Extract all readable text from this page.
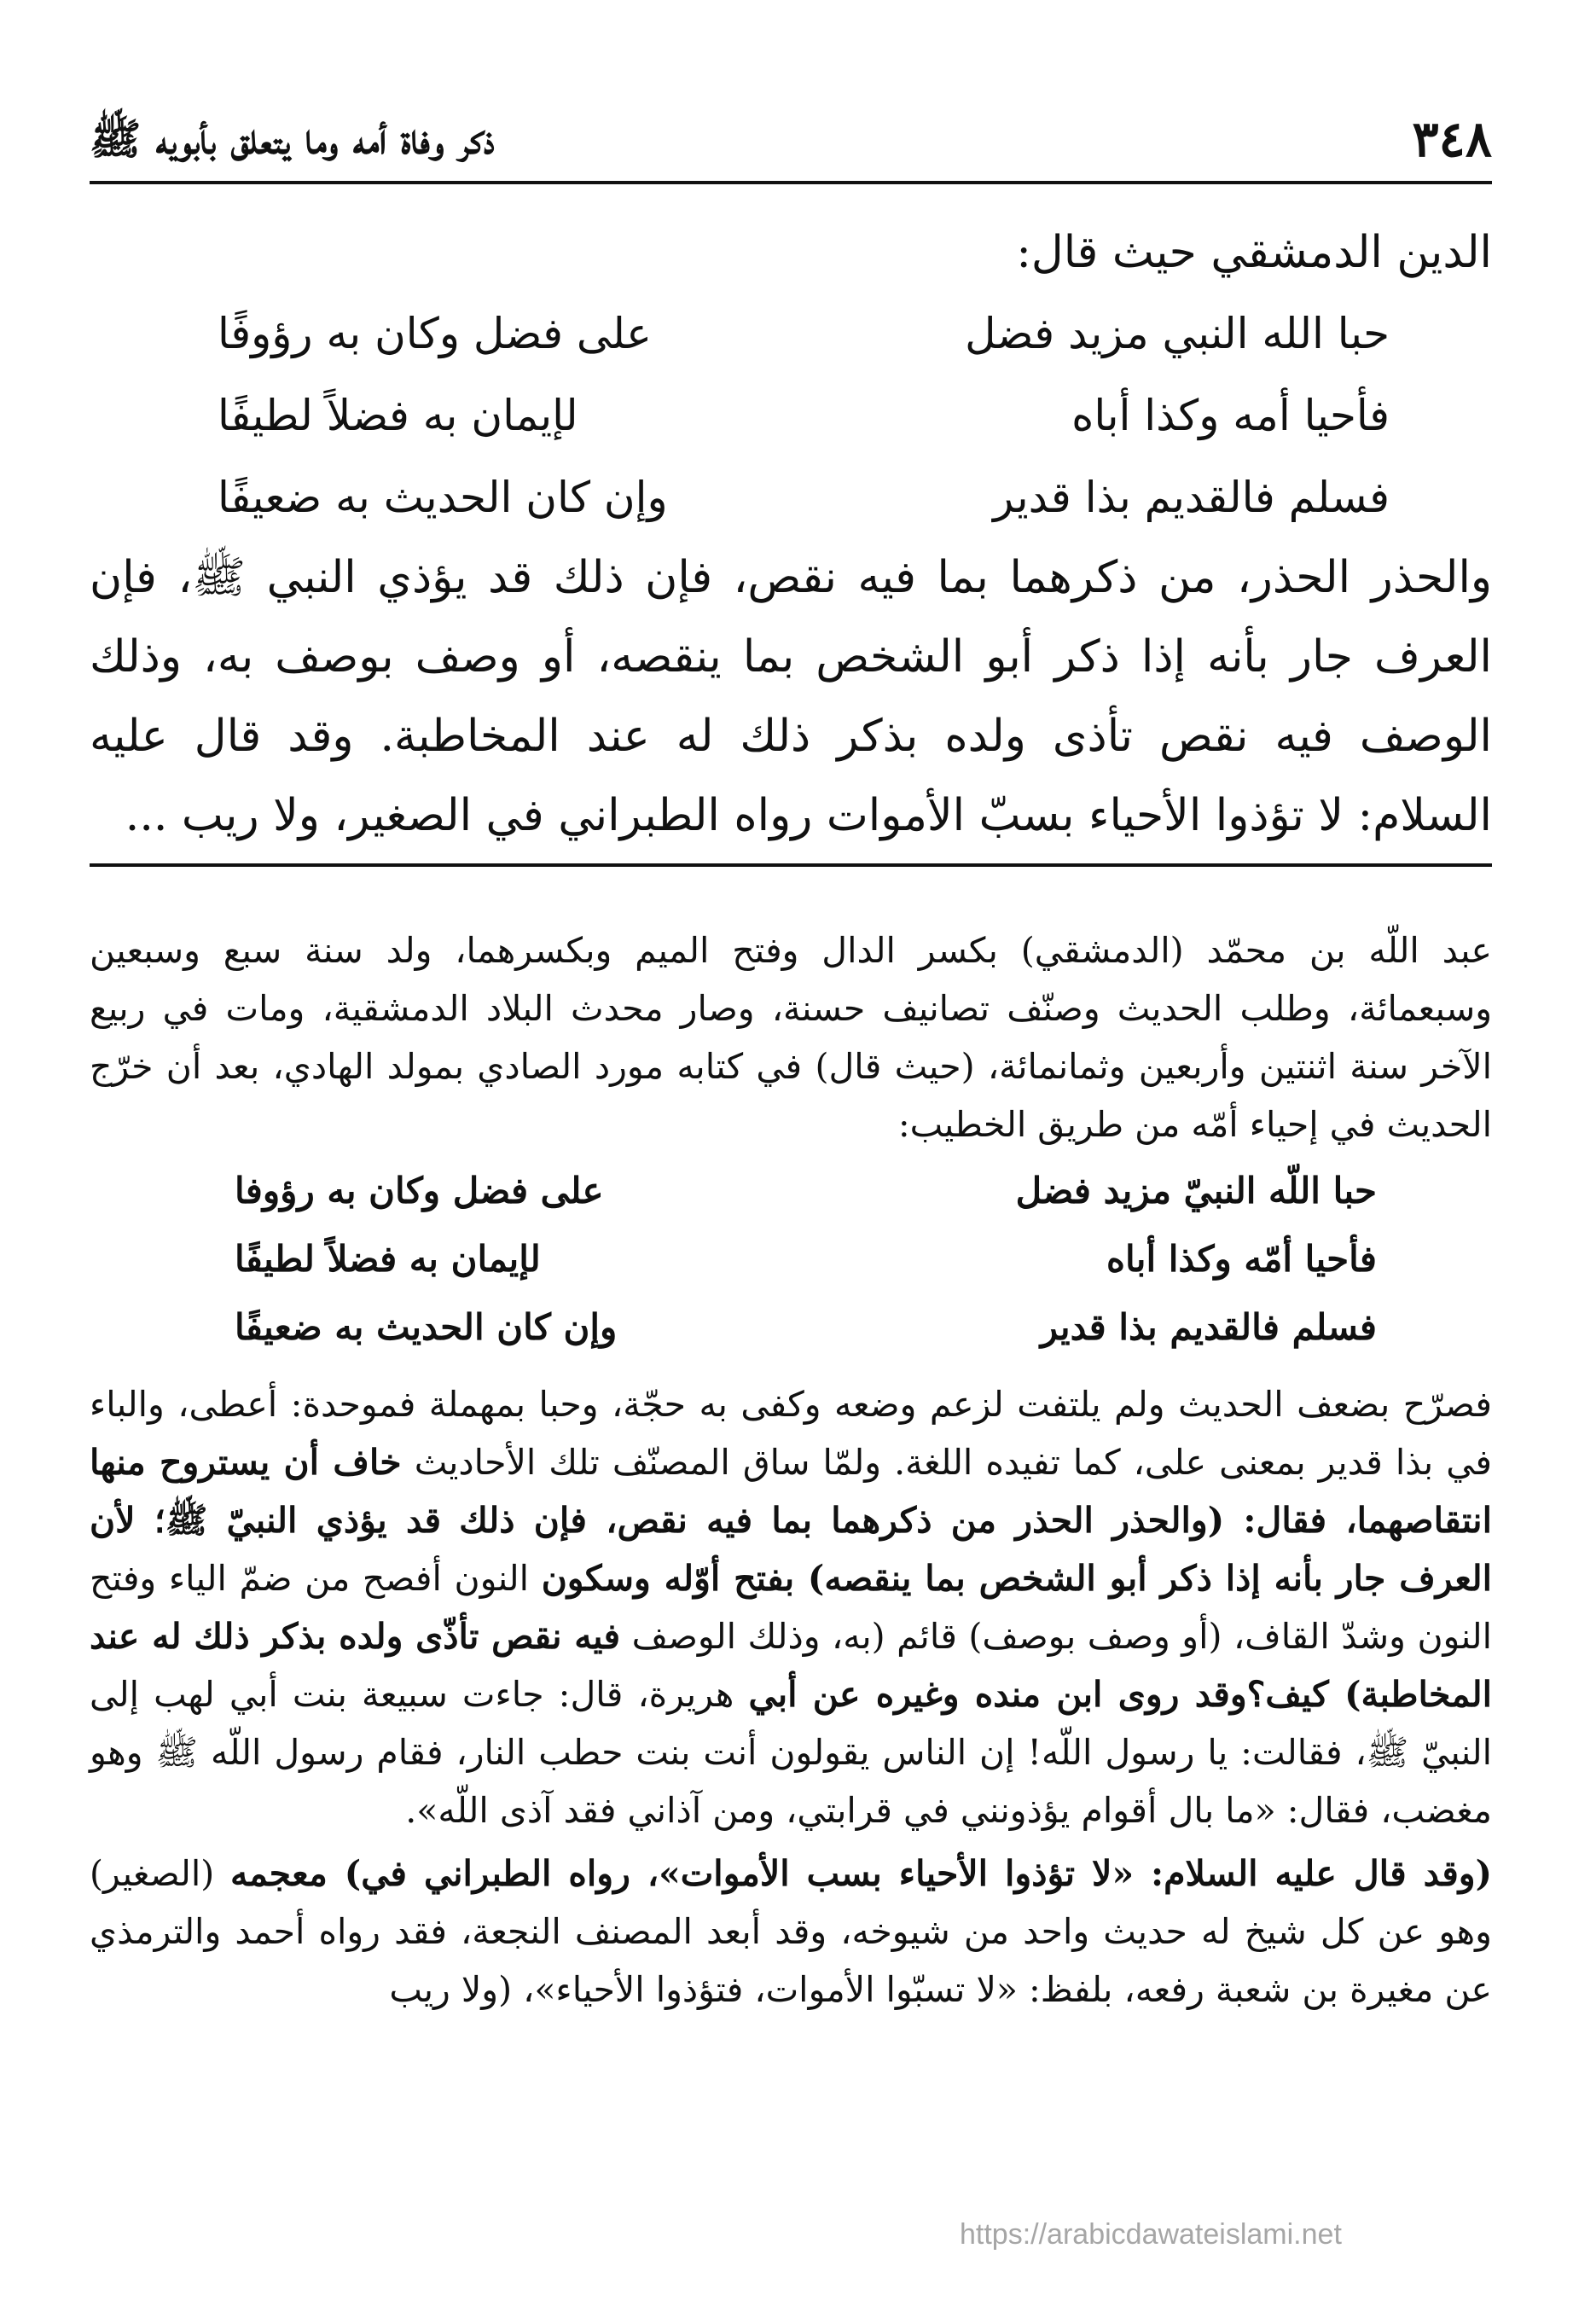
٣٤٨
ذكر وفاة أمه وما يتعلق بأبويه ﷺ

الدين الدمشقي حيث قال:

حبا الله النبي مزيد فضل
على فضل وكان به رؤوفًا
فأحيا أمه وكذا أباه
لإيمان به فضلاً لطيفًا
فسلم فالقديم بذا قدير
وإن كان الحديث به ضعيفًا

والحذر الحذر، من ذكرهما بما فيه نقص، فإن ذلك قد يؤذي النبي ﷺ، فإن العرف جار بأنه إذا ذكر أبو الشخص بما ينقصه، أو وصف بوصف به، وذلك الوصف فيه نقص تأذى ولده بذكر ذلك له عند المخاطبة. وقد قال عليه السلام: لا تؤذوا الأحياء بسبّ الأموات رواه الطبراني في الصغير، ولا ريب ...

عبد اللّه بن محمّد (الدمشقي) بكسر الدال وفتح الميم وبكسرهما، ولد سنة سبع وسبعين وسبعمائة، وطلب الحديث وصنّف تصانيف حسنة، وصار محدث البلاد الدمشقية، ومات في ربيع الآخر سنة اثنتين وأربعين وثمانمائة، (حيث قال) في كتابه مورد الصادي بمولد الهادي، بعد أن خرّج الحديث في إحياء أمّه من طريق الخطيب:

حبا اللّه النبيّ مزيد فضل
على فضل وكان به رؤوفا
فأحيا أمّه وكذا أباه
لإيمان به فضلاً لطيفًا
فسلم فالقديم بذا قدير
وإن كان الحديث به ضعيفًا

فصرّح بضعف الحديث ولم يلتفت لزعم وضعه وكفى به حجّة، وحبا بمهملة فموحدة: أعطى، والباء في بذا قدير بمعنى على، كما تفيده اللغة. ولمّا ساق المصنّف تلك الأحاديث خاف أن يستروح منها انتقاصهما، فقال: (والحذر الحذر من ذكرهما بما فيه نقص، فإن ذلك قد يؤذي النبيّ ﷺ؛ لأن العرف جار بأنه إذا ذكر أبو الشخص بما ينقصه) بفتح أوّله وسكون النون أفصح من ضمّ الياء وفتح النون وشدّ القاف، (أو وصف بوصف) قائم (به، وذلك الوصف فيه نقص تأذّى ولده بذكر ذلك له عند المخاطبة) كيف؟وقد روى ابن منده وغيره عن أبي هريرة، قال: جاءت سبيعة بنت أبي لهب إلى النبيّ ﷺ، فقالت: يا رسول اللّه! إن الناس يقولون أنت بنت حطب النار، فقام رسول اللّه ﷺ وهو مغضب، فقال: «ما بال أقوام يؤذونني في قرابتي، ومن آذاني فقد آذى اللّه».

(وقد قال عليه السلام: «لا تؤذوا الأحياء بسب الأموات»، رواه الطبراني في) معجمه (الصغير) وهو عن كل شيخ له حديث واحد من شيوخه، وقد أبعد المصنف النجعة، فقد رواه أحمد والترمذي عن مغيرة بن شعبة رفعه، بلفظ: «لا تسبّوا الأموات، فتؤذوا الأحياء»، (ولا ريب

https://arabicdawateislami.net
